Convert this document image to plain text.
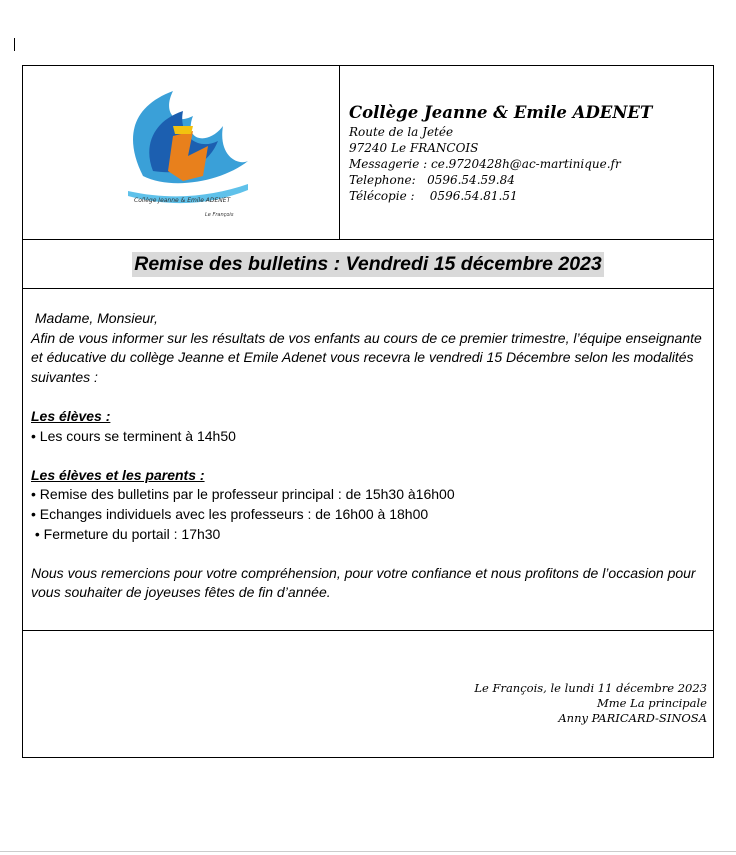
Collège Jeanne & Emile ADENET
Le François
Collège Jeanne & Emile ADENET
Route de la Jetée
97240 Le FRANCOIS
Messagerie : ce.9720428h@ac-martinique.fr
Telephone:   0596.54.59.84
Télécopie :    0596.54.81.51
Remise des bulletins : Vendredi 15 décembre 2023
Madame, Monsieur,
Afin de vous informer sur les résultats de vos enfants au cours de ce premier trimestre, l’équipe enseignante et éducative du collège Jeanne et Emile Adenet vous recevra le vendredi 15 Décembre selon les modalités suivantes :
Les élèves :
• Les cours se terminent à 14h50
Les élèves et les parents :
• Remise des bulletins par le professeur principal : de 15h30 à16h00
• Echanges individuels avec les professeurs : de 16h00 à 18h00
• Fermeture du portail : 17h30
Nous vous remercions pour votre compréhension, pour votre confiance et nous profitons de l’occasion pour vous souhaiter de joyeuses fêtes de fin d’année.
Le François, le lundi 11 décembre 2023
Mme La principale
Anny PARICARD-SINOSA
